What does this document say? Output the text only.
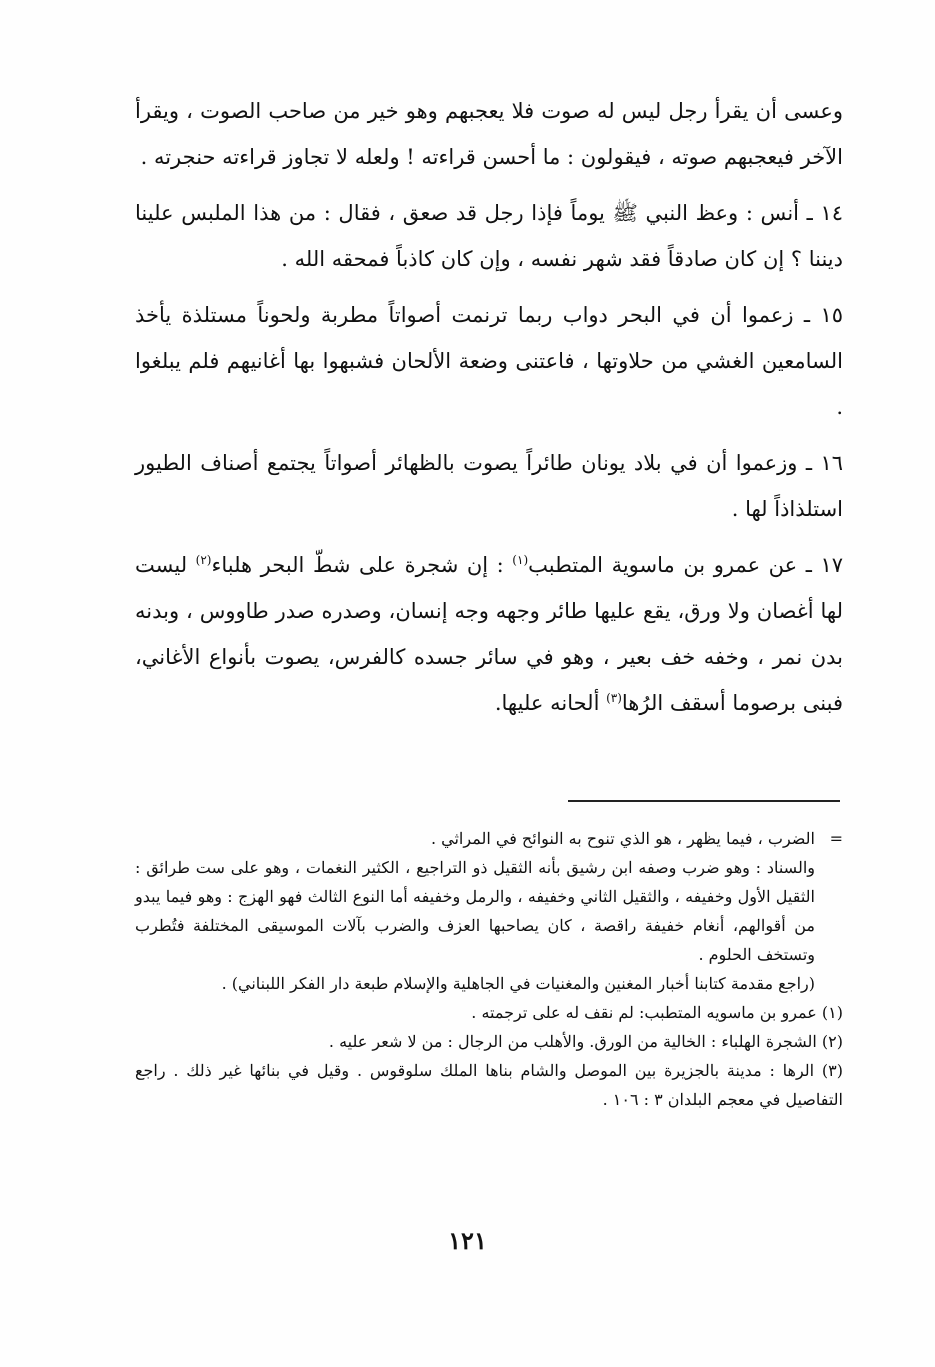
وعسى أن يقرأ رجل ليس له صوت فلا يعجبهم وهو خير من صاحب الصوت ، ويقرأ الآخر فيعجبهم صوته ، فيقولون : ما أحسن قراءته ! ولعله لا تجاوز قراءته حنجرته .

١٤ ـ أنس : وعظ النبي ﷺ يوماً فإذا رجل قد صعق ، فقال : من هذا الملبس علينا ديننا ؟ إن كان صادقاً فقد شهر نفسه ، وإن كان كاذباً فمحقه الله .

١٥ ـ زعموا أن في البحر دواب ربما ترنمت أصواتاً مطربة ولحوناً مستلذة يأخذ السامعين الغشي من حلاوتها ، فاعتنى وضعة الألحان فشبهوا بها أغانيهم فلم يبلغوا .

١٦ ـ وزعموا أن في بلاد يونان طائراً يصوت بالظهائر أصواتاً يجتمع أصناف الطيور استلذاذاً لها .

١٧ ـ عن عمرو بن ماسوية المتطبب$^{(١)}$ : إن شجرة على شطّ البحر هلباء$^{(٢)}$ ليست لها أغصان ولا ورق، يقع عليها طائر وجهه وجه إنسان، وصدره صدر طاووس ، وبدنه بدن نمر ، وخفه خف بعير ، وهو في سائر جسده كالفرس، يصوت بأنواع الأغاني، فبنى برصوما أسقف الرُها$^{(٣)}$ ألحانه عليها.

=

الضرب ، فيما يظهر ، هو الذي تنوح به النوائح في المراثي .

والسناد : وهو ضرب وصفه ابن رشيق بأنه الثقيل ذو التراجيع ، الكثير النغمات ، وهو على ست طرائق : الثقيل الأول وخفيفه ، والثقيل الثاني وخفيفه ، والرمل وخفيفه أما النوع الثالث فهو الهزج : وهو فيما يبدو من أقوالهم، أنغام خفيفة راقصة ، كان يصاحبها العزف والضرب بآلات الموسيقى المختلفة فتُطرب وتستخف الحلوم .

(راجع مقدمة كتابنا أخبار المغنين والمغنيات في الجاهلية والإسلام طبعة دار الفكر اللبناني) .

(١) عمرو بن ماسويه المتطبب: لم نقف له على ترجمته .

(٢) الشجرة الهلباء : الخالية من الورق. والأهلب من الرجال : من لا شعر عليه .

(٣) الرها : مدينة بالجزيرة بين الموصل والشام بناها الملك سلوقوس . وقيل في بنائها غير ذلك . راجع التفاصيل في معجم البلدان ٣ : ١٠٦ .

١٢١
